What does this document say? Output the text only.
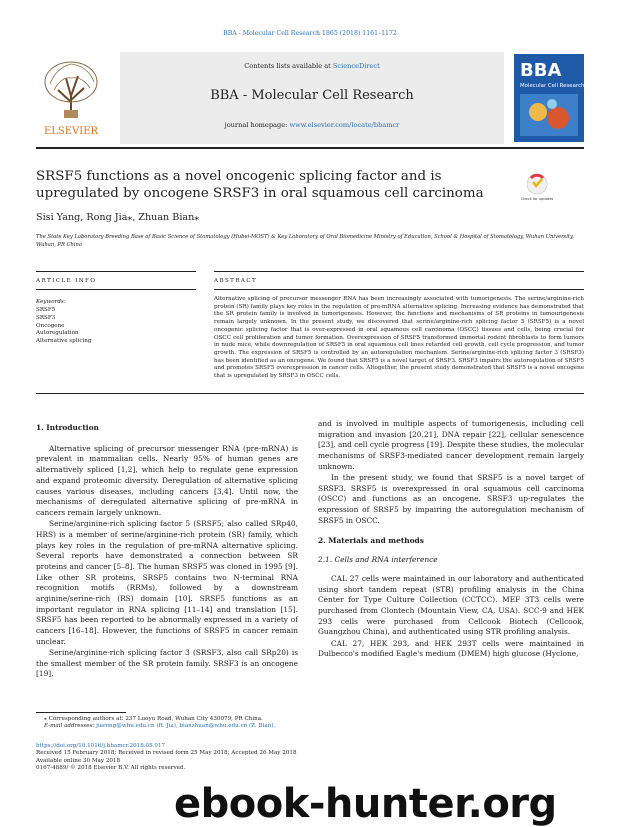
BBA - Molecular Cell Research 1865 (2018) 1161–1172
ELSEVIER
Contents lists available at ScienceDirect
BBA - Molecular Cell Research
journal homepage: www.elsevier.com/locate/bbamcr
BBA
Molecular Cell Research
SRSF5 functions as a novel oncogenic splicing factor and is upregulated by oncogene SRSF3 in oral squamous cell carcinoma	Check for updates
Sisi Yang, Rong Jia⁎, Zhuan Bian⁎
The State Key Laboratory Breeding Base of Basic Science of Stomatology (Hubei-MOST) & Key Laboratory of Oral Biomedicine Ministry of Education, School & Hospital of Stomatology, Wuhan University, Wuhan, PR China
ARTICLE INFO
Keywords:
SRSF5
SRSF3
Oncogene
Autoregulation
Alternative splicing
ABSTRACT
Alternative splicing of precursor messenger RNA has been increasingly associated with tumorigenesis. The serine/arginine-rich protein (SR) family plays key roles in the regulation of pre-mRNA alternative splicing. Increasing evidence has demonstrated that the SR protein family is involved in tumorigenesis. However, the functions and mechanisms of SR proteins in tumourigenesis remain largely unknown. In the present study, we discovered that serine/arginine-rich splicing factor 5 (SRSF5) is a novel oncogenic splicing factor that is over-expressed in oral squamous cell carcinoma (OSCC) tissues and cells, being crucial for OSCC cell proliferation and tumor formation. Overexpression of SRSF5 transformed immortal rodent fibroblasts to form tumors in nude mice, while downregulation of SRSF5 in oral squamous cell lines retarded cell growth, cell cycle progression, and tumor growth. The expression of SRSF5 is controlled by an autoregulation mechanism. Serine/arginine-rich splicing factor 3 (SRSF3) has been identified as an oncogene. We found that SRSF5 is a novel target of SRSF3. SRSF3 impairs the autoregulation of SRSF5 and promotes SRSF5 overexpression in cancer cells. Altogether, the present study demonstrated that SRSF5 is a novel oncogene that is upregulated by SRSF3 in OSCC cells.
1. Introduction

Alternative splicing of precursor messenger RNA (pre-mRNA) is prevalent in mammalian cells. Nearly 95% of human genes are alternatively spliced [1,2], which help to regulate gene expression and expand proteomic diversity. Deregulation of alternative splicing causes various diseases, including cancers [3,4]. Until now, the mechanisms of deregulated alternative splicing of pre-mRNA in cancers remain largely unknown.

Serine/arginine-rich splicing factor 5 (SRSF5; also called SRp40, HRS) is a member of serine/arginine-rich protein (SR) family, which plays key roles in the regulation of pre-mRNA alternative splicing. Several reports have demonstrated a connection between SR proteins and cancer [5–8]. The human SRSF5 was cloned in 1995 [9]. Like other SR proteins, SRSF5 contains two N-terminal RNA recognition motifs (RRMs), followed by a downstream arginine/serine-rich (RS) domain [10]. SRSF5 functions as an important regulator in RNA splicing [11–14] and translation [15]. SRSF5 has been reported to be abnormally expressed in a variety of cancers [16–18]. However, the functions of SRSF5 in cancer remain unclear.

Serine/arginine-rich splicing factor 3 (SRSF3, also call SRp20) is the smallest member of the SR protein family. SRSF3 is an oncogene [19],

and is involved in multiple aspects of tumorigenesis, including cell migration and invasion [20,21], DNA repair [22], cellular senescence [23], and cell cycle progress [19]. Despite these studies, the molecular mechanisms of SRSF3-mediated cancer development remain largely unknown.

In the present study, we found that SRSF5 is a novel target of SRSF3. SRSF5 is overexpressed in oral squamous cell carcinoma (OSCC) and functions as an oncogene. SRSF3 up-regulates the expression of SRSF5 by impairing the autoregulation mechanism of SRSF5 in OSCC.

2. Materials and methods
2.1. Cells and RNA interference

CAL 27 cells were maintained in our laboratory and authenticated using short tandem repeat (STR) profiling analysis in the China Center for Type Culture Collection (CCTCC). MEF 3T3 cells were purchased from Clontech (Mountain View, CA, USA). SCC-9 and HEK 293 cells were purchased from Cellcook Biotech (Cellcook, Guangzhou China), and authenticated using STR profiling analysis.

CAL 27, HEK 293, and HEK 293T cells were maintained in Dulbecco's modified Eagle's medium (DMEM) high glucose (Hyclone,

⁎ Corresponding authors at: 237 Luoyu Road, Wuhan City 430079, PR China.
E-mail addresses: jiarong@whu.edu.cn (R. Jia), bianzhuan@whu.edu.cn (Z. Bian).
https://doi.org/10.1016/j.bbamcr.2018.05.017
Received 15 February 2018; Received in revised form 25 May 2018; Accepted 26 May 2018
Available online 30 May 2018
0167-4889/ © 2018 Elsevier B.V. All rights reserved.
ebook-hunter.org
